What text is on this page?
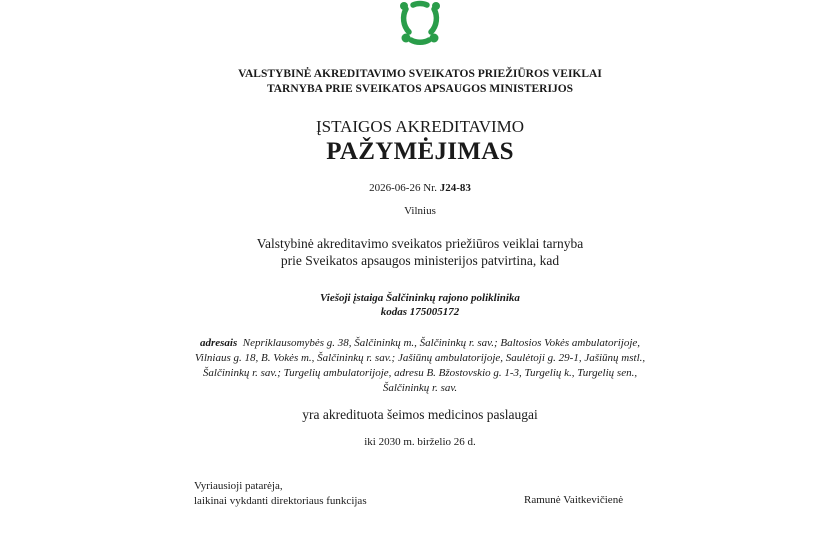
VALSTYBINĖ AKREDITAVIMO SVEIKATOS PRIEŽIŪROS VEIKLAI
TARNYBA PRIE SVEIKATOS APSAUGOS MINISTERIJOS
ĮSTAIGOS AKREDITAVIMO
PAŽYMĖJIMAS
2026-06-26 Nr. J24-83
Vilnius
Valstybinė akreditavimo sveikatos priežiūros veiklai tarnyba
prie Sveikatos apsaugos ministerijos patvirtina, kad
Viešoji įstaiga Šalčininkų rajono poliklinika
kodas 175005172
adresais Nepriklausomybės g. 38, Šalčininkų m., Šalčininkų r. sav.; Baltosios Vokės ambulatorijoje, Vilniaus g. 18, B. Vokės m., Šalčininkų r. sav.; Jašiūnų ambulatorijoje, Saulėtoji g. 29-1, Jašiūnų mstl., Šalčininkų r. sav.; Turgelių ambulatorijoje, adresu B. Bžostovskio g. 1-3, Turgelių k., Turgelių sen., Šalčininkų r. sav.
yra akredituota šeimos medicinos paslaugai
iki 2030 m. birželio 26 d.
Vyriausioji patarėja,
laikinai vykdanti direktoriaus funkcijas	Ramunė Vaitkevičienė
